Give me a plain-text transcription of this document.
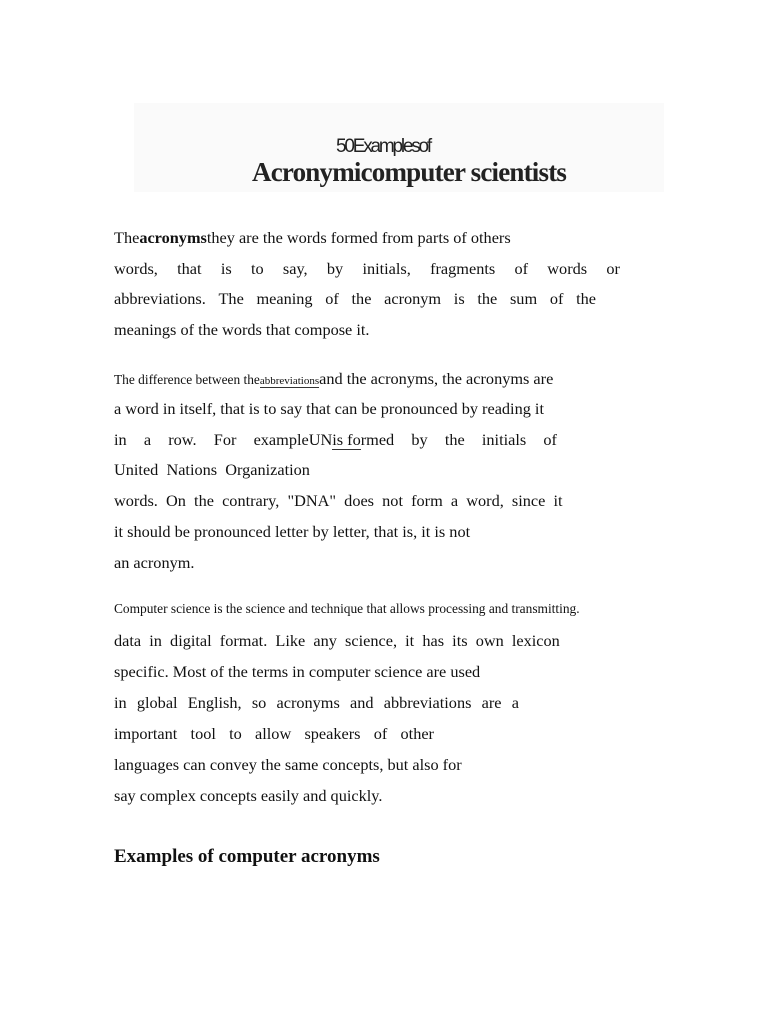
50Examplesof
Acronymicomputer scientists
Theacronymsthey are the words formed from parts of others
words, that is to say, by initials, fragments of words or
abbreviations. The meaning of the acronym is the sum of the
meanings of the words that compose it.
The difference between theabbreviationsand the acronyms, the acronyms are
a word in itself, that is to say that can be pronounced by reading it
in a row. For exampleUNis formed by the initials of
United  Nations  Organization
words.  On  the  contrary,  "DNA"  does  not  form  a  word,  since  it
it should be pronounced letter by letter, that is, it is not
an acronym.
Computer science is the science and technique that allows processing and transmitting.
data  in  digital  format.  Like  any  science,  it  has  its  own  lexicon
specific. Most of the terms in computer science are used
in global English, so acronyms and abbreviations are a
important tool to allow speakers of other
languages can convey the same concepts, but also for
say complex concepts easily and quickly.
Examples of computer acronyms
